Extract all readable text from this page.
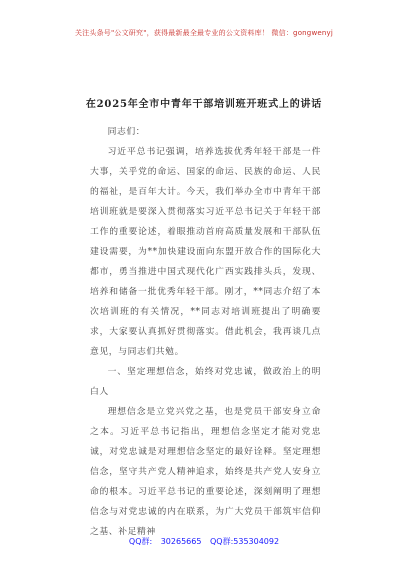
关注头条号"公文研究"，获得最新最全最专业的公文资料库！ 微信：gongwenyj
在2025年全市中青年干部培训班开班式上的讲话

同志们：

习近平总书记强调，培养选拔优秀年轻干部是一件大事，关乎党的命运、国家的命运、民族的命运、人民的福祉，是百年大计。今天，我们举办全市中青年干部培训班就是要深入贯彻落实习近平总书记关于年轻干部工作的重要论述，着眼推动首府高质量发展和干部队伍建设需要，为**加快建设面向东盟开放合作的国际化大都市，勇当推进中国式现代化广西实践排头兵，发现、培养和储备一批优秀年轻干部。刚才，**同志介绍了本次培训班的有关情况，**同志对培训班提出了明确要求，大家要认真抓好贯彻落实。借此机会，我再谈几点意见，与同志们共勉。

一、坚定理想信念，始终对党忠诚，做政治上的明白人

理想信念是立党兴党之基，也是党员干部安身立命之本。习近平总书记指出，理想信念坚定才能对党忠诚，对党忠诚是对理想信念坚定的最好诠释。坚定理想信念，坚守共产党人精神追求，始终是共产党人安身立命的根本。习近平总书记的重要论述，深刻阐明了理想信念与对党忠诚的内在联系，为广大党员干部筑牢信仰之基、补足精神

QQ群: 30265665 QQ群:535304092
